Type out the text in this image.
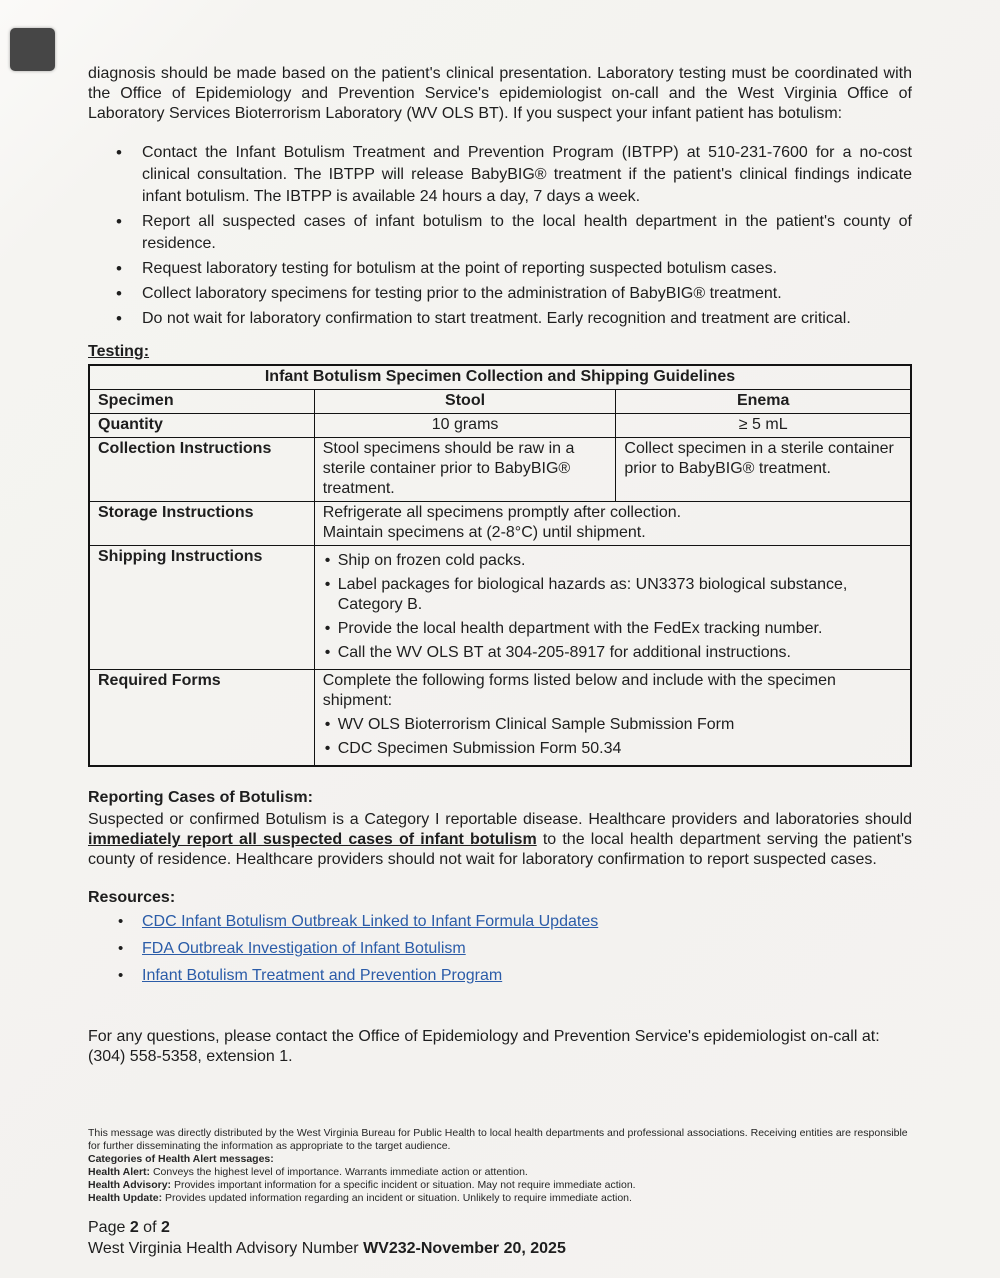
diagnosis should be made based on the patient's clinical presentation. Laboratory testing must be coordinated with the Office of Epidemiology and Prevention Service's epidemiologist on-call and the West Virginia Office of Laboratory Services Bioterrorism Laboratory (WV OLS BT). If you suspect your infant patient has botulism:

• Contact the Infant Botulism Treatment and Prevention Program (IBTPP) at 510-231-7600 for a no-cost clinical consultation. The IBTPP will release BabyBIG® treatment if the patient's clinical findings indicate infant botulism. The IBTPP is available 24 hours a day, 7 days a week.
• Report all suspected cases of infant botulism to the local health department in the patient's county of residence.
• Request laboratory testing for botulism at the point of reporting suspected botulism cases.
• Collect laboratory specimens for testing prior to the administration of BabyBIG® treatment.
• Do not wait for laboratory confirmation to start treatment. Early recognition and treatment are critical.

Testing:

Infant Botulism Specimen Collection and Shipping Guidelines		
Specimen	Stool	Enema
Quantity	10 grams	≥ 5 mL
Collection Instructions	Stool specimens should be raw in a sterile container prior to BabyBIG® treatment.	Collect specimen in a sterile container prior to BabyBIG® treatment.
Storage Instructions	Refrigerate all specimens promptly after collection.
Maintain specimens at (2-8°C) until shipment.	

Shipping Instructions	• Ship on frozen cold packs.
• Label packages for biological hazards as: UN3373 biological substance, Category B.
• Provide the local health department with the FedEx tracking number.
• Call the WV OLS BT at 304-205-8917 for additional instructions.

Required Forms	Complete the following forms listed below and include with the specimen shipment:
• WV OLS Bioterrorism Clinical Sample Submission Form
• CDC Specimen Submission Form 50.34

Reporting Cases of Botulism:

Suspected or confirmed Botulism is a Category I reportable disease. Healthcare providers and laboratories should immediately report all suspected cases of infant botulism to the local health department serving the patient's county of residence. Healthcare providers should not wait for laboratory confirmation to report suspected cases.

Resources:

• CDC Infant Botulism Outbreak Linked to Infant Formula Updates
• FDA Outbreak Investigation of Infant Botulism
• Infant Botulism Treatment and Prevention Program

For any questions, please contact the Office of Epidemiology and Prevention Service's epidemiologist on-call at: (304) 558-5358, extension 1.

This message was directly distributed by the West Virginia Bureau for Public Health to local health departments and professional associations. Receiving entities are responsible for further disseminating the information as appropriate to the target audience.

Categories of Health Alert messages:

Health Alert: Conveys the highest level of importance. Warrants immediate action or attention.

Health Advisory: Provides important information for a specific incident or situation. May not require immediate action.

Health Update: Provides updated information regarding an incident or situation. Unlikely to require immediate action.

Page 2 of 2

West Virginia Health Advisory Number WV232-November 20, 2025
